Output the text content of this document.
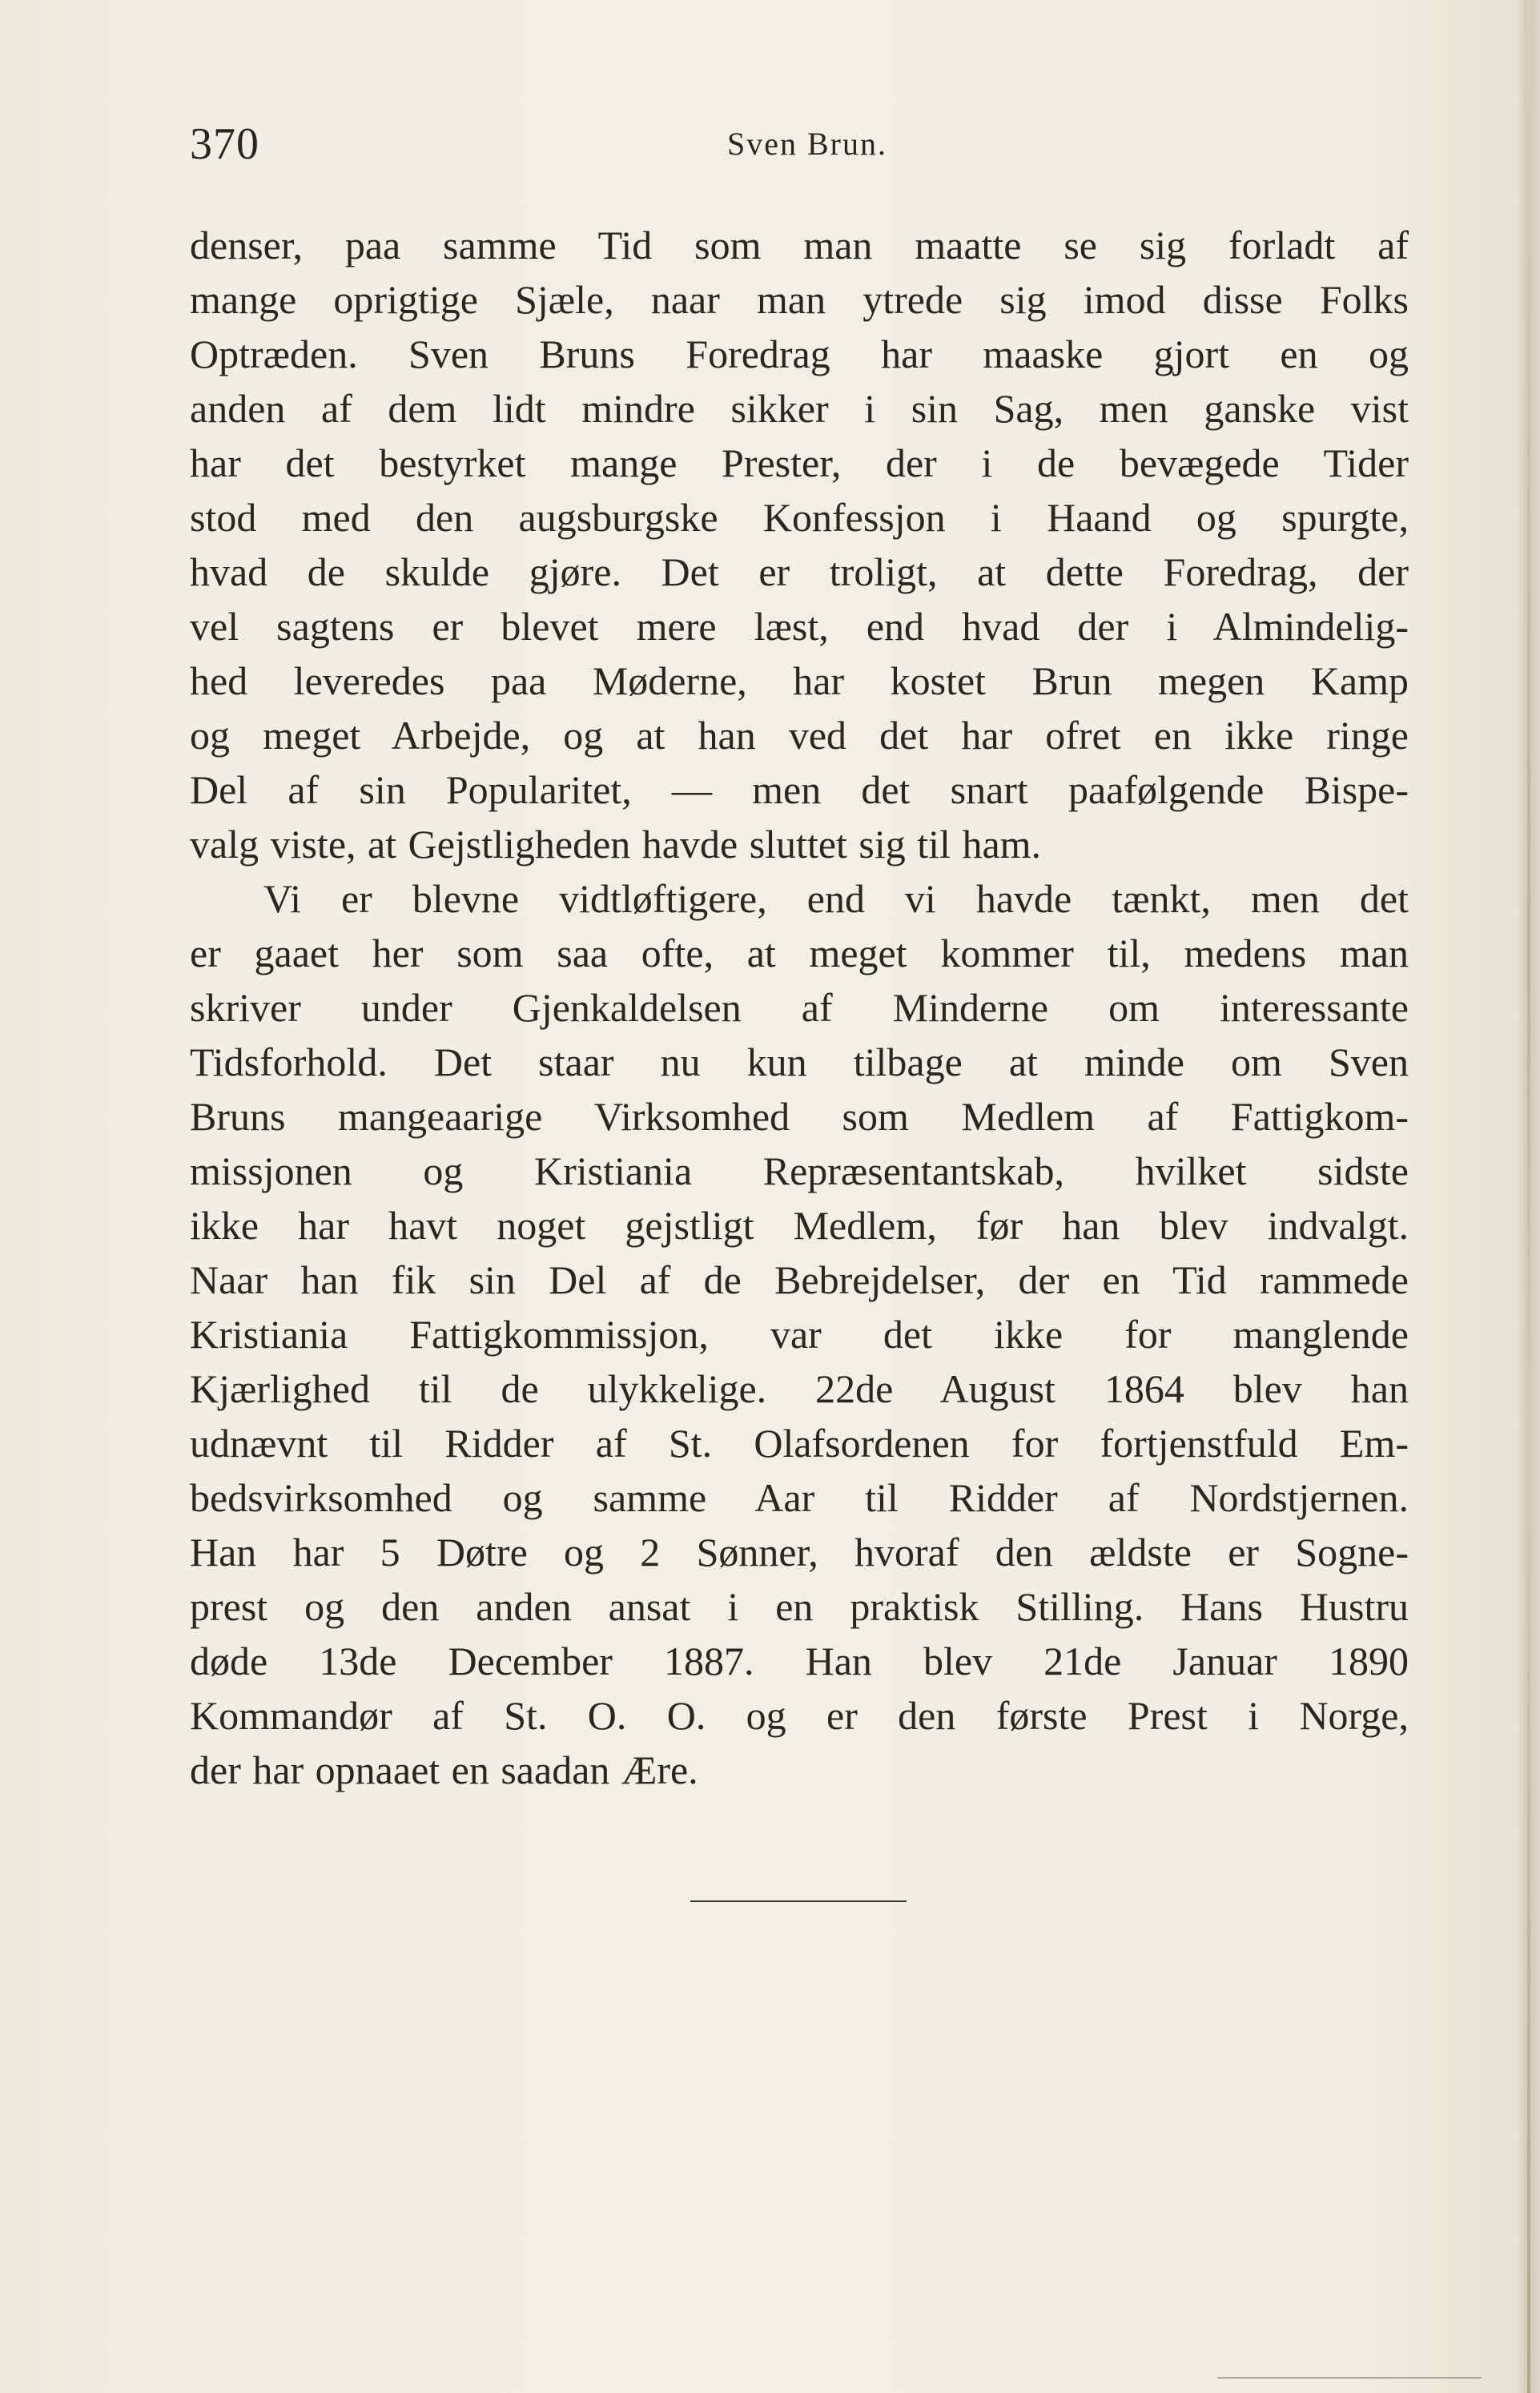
370	Sven Brun.
denser, paa samme Tid som man maatte se sig forladt af
mange oprigtige Sjæle, naar man ytrede sig imod disse Folks
Optræden. Sven Bruns Foredrag har maaske gjort en og
anden af dem lidt mindre sikker i sin Sag, men ganske vist
har det bestyrket mange Prester, der i de bevægede Tider
stod med den augsburgske Konfessjon i Haand og spurgte,
hvad de skulde gjøre. Det er troligt, at dette Foredrag, der
vel sagtens er blevet mere læst, end hvad der i Almindelig-
hed leveredes paa Møderne, har kostet Brun megen Kamp
og meget Arbejde, og at han ved det har ofret en ikke ringe
Del af sin Popularitet, — men det snart paafølgende Bispe-
valg viste, at Gejstligheden havde sluttet sig til ham.
Vi er blevne vidtløftigere, end vi havde tænkt, men det
er gaaet her som saa ofte, at meget kommer til, medens man
skriver under Gjenkaldelsen af Minderne om interessante
Tidsforhold. Det staar nu kun tilbage at minde om Sven
Bruns mangeaarige Virksomhed som Medlem af Fattigkom-
missjonen og Kristiania Repræsentantskab, hvilket sidste
ikke har havt noget gejstligt Medlem, før han blev indvalgt.
Naar han fik sin Del af de Bebrejdelser, der en Tid rammede
Kristiania Fattigkommissjon, var det ikke for manglende
Kjærlighed til de ulykkelige. 22de August 1864 blev han
udnævnt til Ridder af St. Olafsordenen for fortjenstfuld Em-
bedsvirksomhed og samme Aar til Ridder af Nordstjernen.
Han har 5 Døtre og 2 Sønner, hvoraf den ældste er Sogne-
prest og den anden ansat i en praktisk Stilling. Hans Hustru
døde 13de December 1887. Han blev 21de Januar 1890
Kommandør af St. O. O. og er den første Prest i Norge,
der har opnaaet en saadan Ære.
